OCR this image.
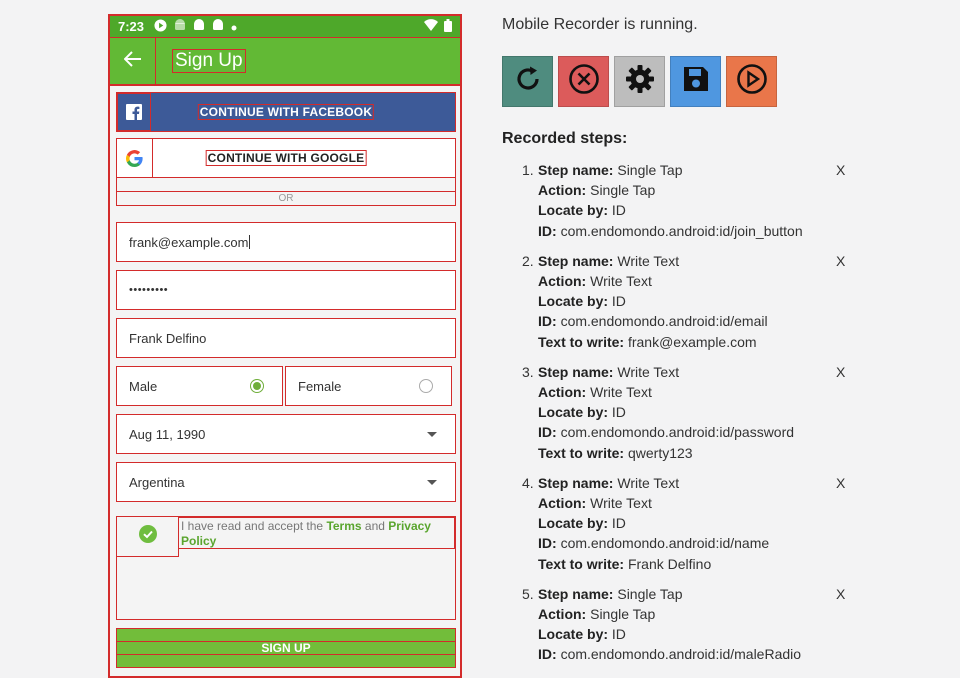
7:23
Sign Up
CONTINUE WITH FACEBOOK
CONTINUE WITH GOOGLE
OR
frank@example.com
•••••••••
Frank Delfino
Male	Female
Aug 11, 1990
Argentina
I have read and accept the Terms and Privacy
Policy
SIGN UP
Mobile Recorder is running.
Recorded steps:
1.	X
Step name: Single Tap
Action: Single Tap
Locate by: ID
ID: com.endomondo.android:id/join_button
2.	X
Step name: Write Text
Action: Write Text
Locate by: ID
ID: com.endomondo.android:id/email
Text to write: frank@example.com
3.	X
Step name: Write Text
Action: Write Text
Locate by: ID
ID: com.endomondo.android:id/password
Text to write: qwerty123
4.	X
Step name: Write Text
Action: Write Text
Locate by: ID
ID: com.endomondo.android:id/name
Text to write: Frank Delfino
5.	X
Step name: Single Tap
Action: Single Tap
Locate by: ID
ID: com.endomondo.android:id/maleRadio
